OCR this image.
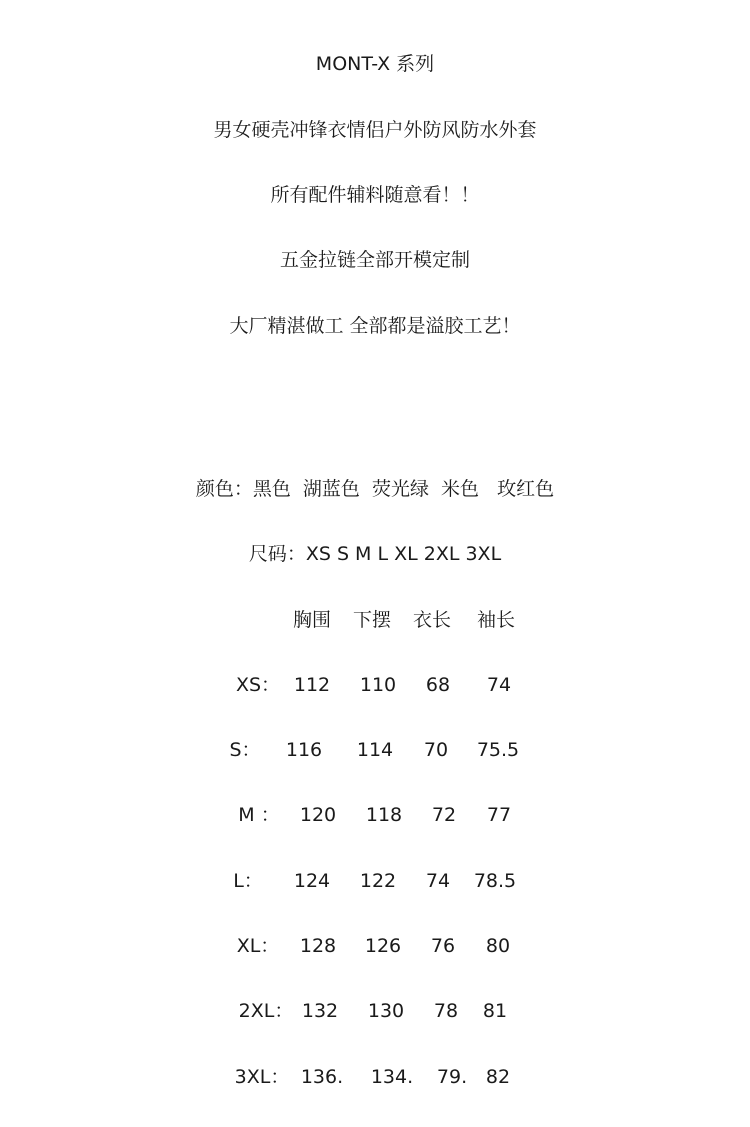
MONT-X 系列
男女硬壳冲锋衣情侣户外防风防水外套
所有配件辅料随意看！！
五金拉链全部开模定制
大厂精湛做工 全部都是溢胶工艺！
颜色：黑色  湖蓝色  荧光绿  米色   玫红色
尺码：XS S M L XL 2XL 3XL
胸围 下摆 衣长 袖长
XS： 112 110 68 74
S： 116 114 70 75.5
M ： 120 118 72 77
L： 124 122 74 78.5
XL： 128 126 76 80
2XL： 132 130 78 81
3XL： 136. 134. 79. 82
